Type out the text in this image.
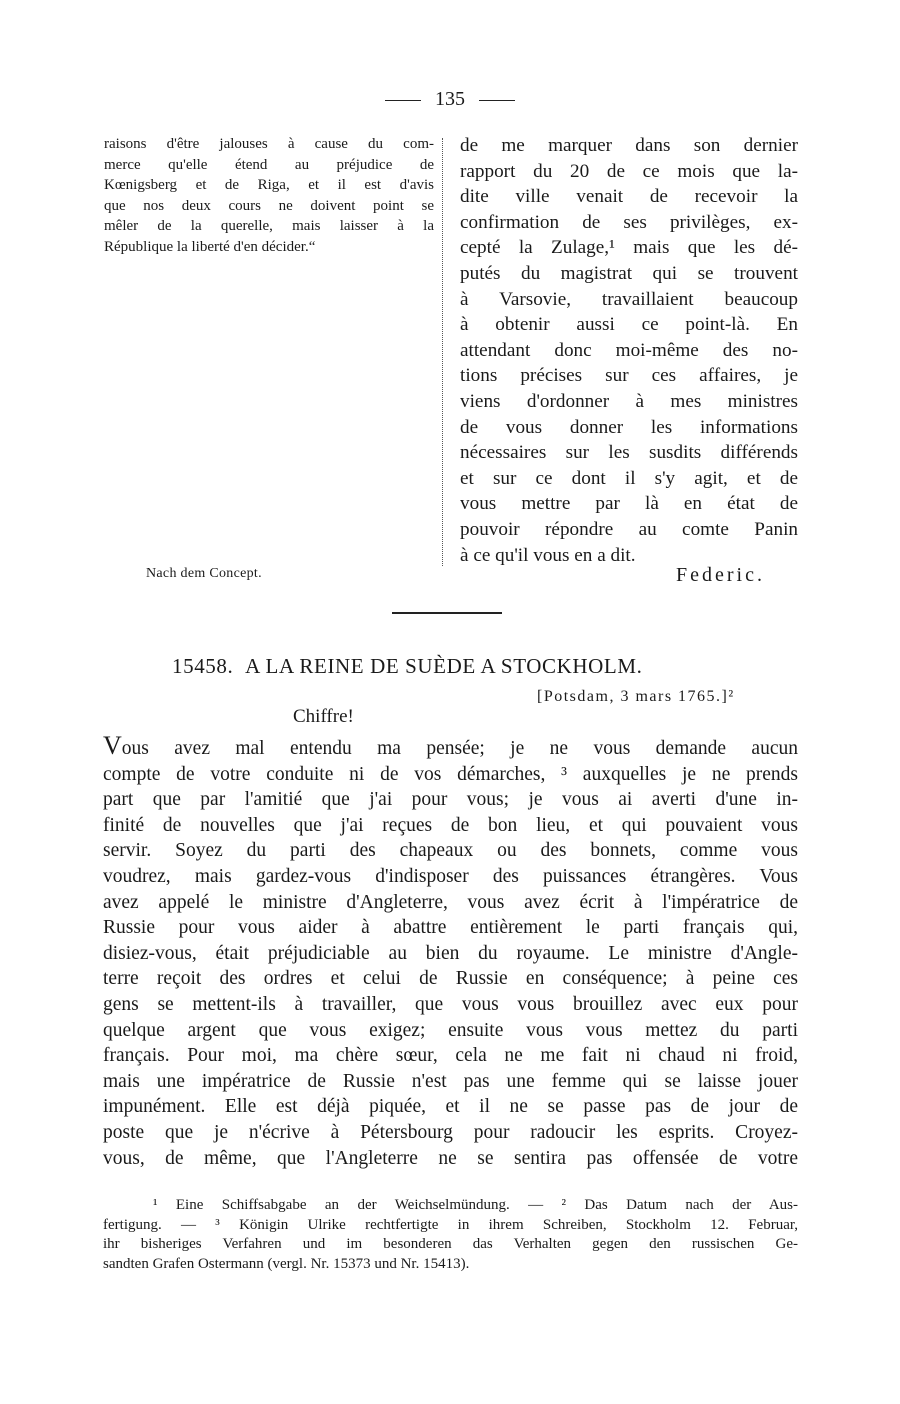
135
raisons d'être jalouses à cause du com-
merce qu'elle étend au préjudice de
Kœnigsberg et de Riga, et il est d'avis
que nos deux cours ne doivent point se
mêler de la querelle, mais laisser à la
République la liberté d'en décider.“
de me marquer dans son dernier
rapport du 20 de ce mois que la-
dite ville venait de recevoir la
confirmation de ses privilèges, ex-
cepté la Zulage,¹ mais que les dé-
putés du magistrat qui se trouvent
à Varsovie, travaillaient beaucoup
à obtenir aussi ce point-là. En
attendant donc moi-même des no-
tions précises sur ces affaires, je
viens d'ordonner à mes ministres
de vous donner les informations
nécessaires sur les susdits différends
et sur ce dont il s'y agit, et de
vous mettre par là en état de
pouvoir répondre au comte Panin
à ce qu'il vous en a dit.
Nach dem Concept.	Federic.
15458. A LA REINE DE SUÈDE A STOCKHOLM.
[Potsdam, 3 mars 1765.]²
Chiffre!
Vous avez mal entendu ma pensée; je ne vous demande aucun
compte de votre conduite ni de vos démarches, ³ auxquelles je ne prends
part que par l'amitié que j'ai pour vous; je vous ai averti d'une in-
finité de nouvelles que j'ai reçues de bon lieu, et qui pouvaient vous
servir. Soyez du parti des chapeaux ou des bonnets, comme vous
voudrez, mais gardez-vous d'indisposer des puissances étrangères. Vous
avez appelé le ministre d'Angleterre, vous avez écrit à l'impératrice de
Russie pour vous aider à abattre entièrement le parti français qui,
disiez-vous, était préjudiciable au bien du royaume. Le ministre d'Angle-
terre reçoit des ordres et celui de Russie en conséquence; à peine ces
gens se mettent-ils à travailler, que vous vous brouillez avec eux pour
quelque argent que vous exigez; ensuite vous vous mettez du parti
français. Pour moi, ma chère sœur, cela ne me fait ni chaud ni froid,
mais une impératrice de Russie n'est pas une femme qui se laisse jouer
impunément. Elle est déjà piquée, et il ne se passe pas de jour de
poste que je n'écrive à Pétersbourg pour radoucir les esprits. Croyez-
vous, de même, que l'Angleterre ne se sentira pas offensée de votre
¹ Eine Schiffsabgabe an der Weichselmündung. — ² Das Datum nach der Aus-
fertigung. — ³ Königin Ulrike rechtfertigte in ihrem Schreiben, Stockholm 12. Februar,
ihr bisheriges Verfahren und im besonderen das Verhalten gegen den russischen Ge-
sandten Grafen Ostermann (vergl. Nr. 15373 und Nr. 15413).
